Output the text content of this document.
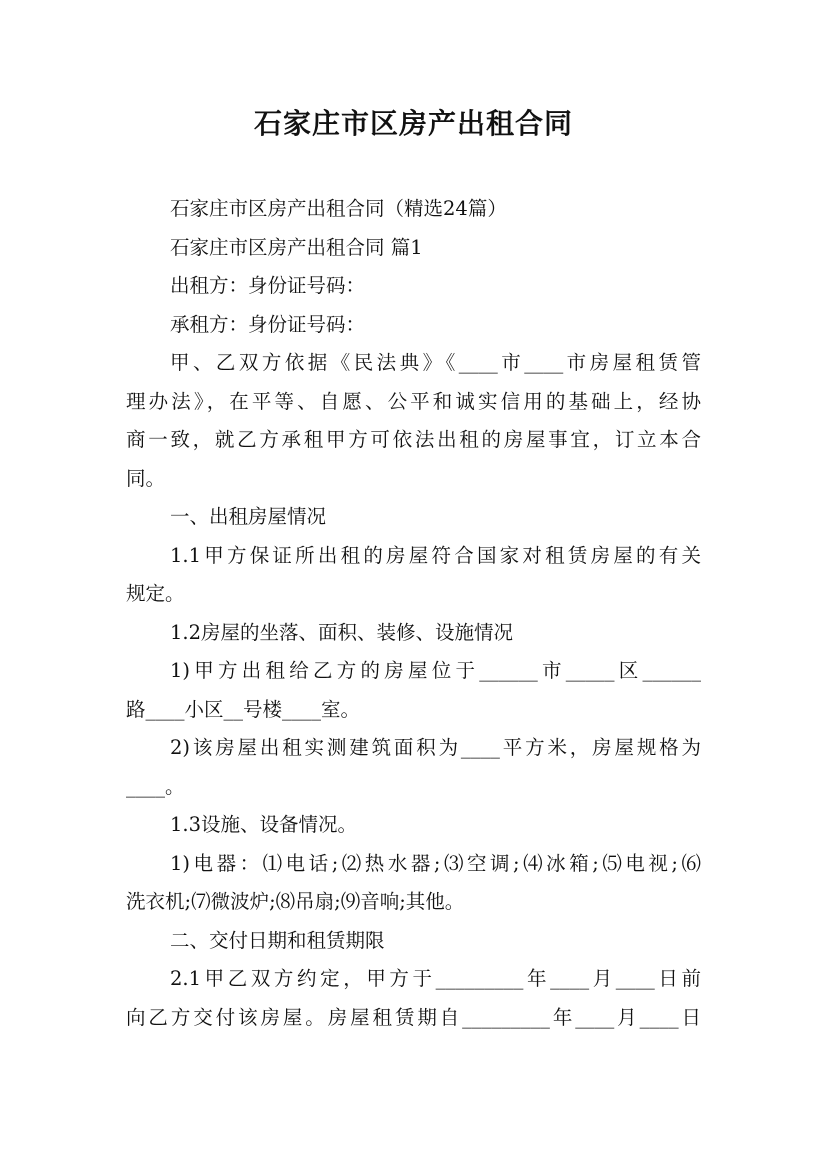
石家庄市区房产出租合同
石家庄市区房产出租合同（精选24篇）
石家庄市区房产出租合同 篇1
出租方：身份证号码：
承租方：身份证号码：
甲、乙双方依据《民法典》《____市____市房屋租赁管
理办法》，在平等、自愿、公平和诚实信用的基础上，经协
商一致，就乙方承租甲方可依法出租的房屋事宜，订立本合
同。
一、出租房屋情况
1.1甲方保证所出租的房屋符合国家对租赁房屋的有关
规定。
1.2房屋的坐落、面积、装修、设施情况
1)甲方出租给乙方的房屋位于______市_____区______
路____小区__号楼____室。
2)该房屋出租实测建筑面积为____平方米，房屋规格为
____。
1.3设施、设备情况。
1)电器：⑴电话;⑵热水器;⑶空调;⑷冰箱;⑸电视;⑹
洗衣机;⑺微波炉;⑻吊扇;⑼音响;其他。
二、交付日期和租赁期限
2.1甲乙双方约定，甲方于_________年____月____日前
向乙方交付该房屋。房屋租赁期自_________年____月____日
